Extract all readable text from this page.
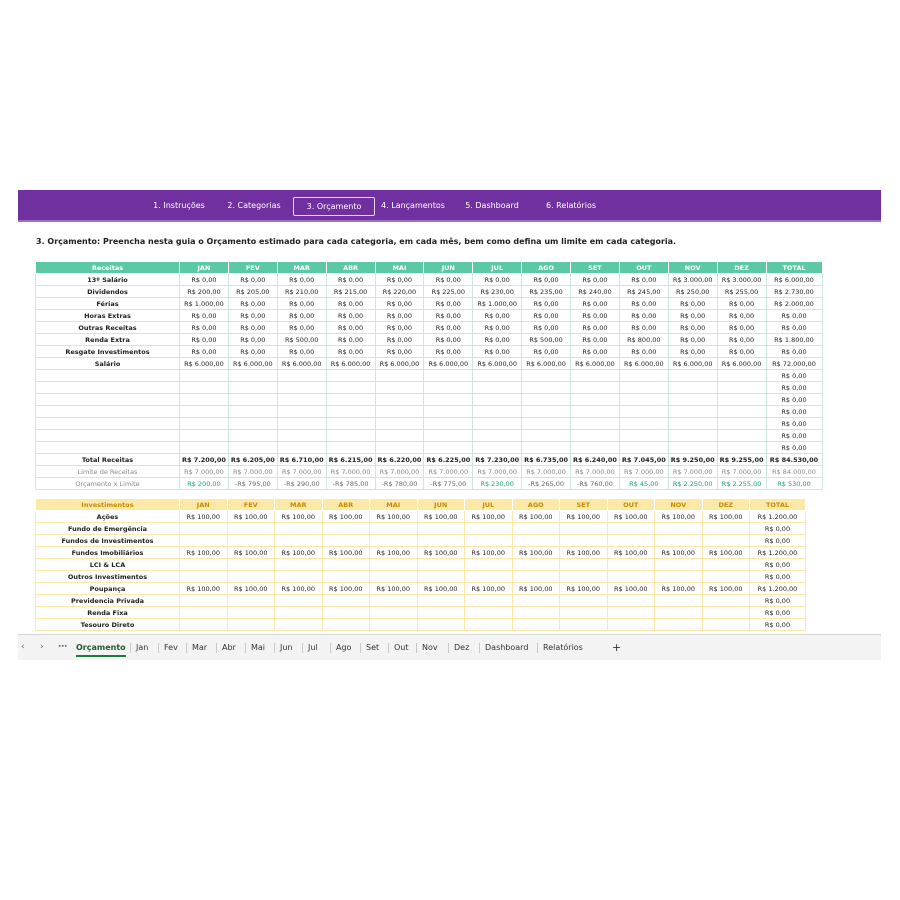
1. Instruções	2. Categorias	3. Orçamento	4. Lançamentos	5. Dashboard	6. Relatórios
3. Orçamento: Preencha nesta guia o Orçamento estimado para cada categoria, em cada mês, bem como defina um limite em cada categoria.
Receitas	JAN	FEV	MAR	ABR	MAI	JUN	JUL	AGO	SET	OUT	NOV	DEZ	TOTAL
13º Salário	R$ 0,00	R$ 0,00	R$ 0,00	R$ 0,00	R$ 0,00	R$ 0,00	R$ 0,00	R$ 0,00	R$ 0,00	R$ 0,00	R$ 3.000,00	R$ 3.000,00	R$ 6.000,00
Dividendos	R$ 200,00	R$ 205,00	R$ 210,00	R$ 215,00	R$ 220,00	R$ 225,00	R$ 230,00	R$ 235,00	R$ 240,00	R$ 245,00	R$ 250,00	R$ 255,00	R$ 2.730,00
Férias	R$ 1.000,00	R$ 0,00	R$ 0,00	R$ 0,00	R$ 0,00	R$ 0,00	R$ 1.000,00	R$ 0,00	R$ 0,00	R$ 0,00	R$ 0,00	R$ 0,00	R$ 2.000,00
Horas Extras	R$ 0,00	R$ 0,00	R$ 0,00	R$ 0,00	R$ 0,00	R$ 0,00	R$ 0,00	R$ 0,00	R$ 0,00	R$ 0,00	R$ 0,00	R$ 0,00	R$ 0,00
Outras Receitas	R$ 0,00	R$ 0,00	R$ 0,00	R$ 0,00	R$ 0,00	R$ 0,00	R$ 0,00	R$ 0,00	R$ 0,00	R$ 0,00	R$ 0,00	R$ 0,00	R$ 0,00
Renda Extra	R$ 0,00	R$ 0,00	R$ 500,00	R$ 0,00	R$ 0,00	R$ 0,00	R$ 0,00	R$ 500,00	R$ 0,00	R$ 800,00	R$ 0,00	R$ 0,00	R$ 1.800,00
Resgate Investimentos	R$ 0,00	R$ 0,00	R$ 0,00	R$ 0,00	R$ 0,00	R$ 0,00	R$ 0,00	R$ 0,00	R$ 0,00	R$ 0,00	R$ 0,00	R$ 0,00	R$ 0,00
Salário	R$ 6.000,00	R$ 6.000,00	R$ 6.000,00	R$ 6.000,00	R$ 6.000,00	R$ 6.000,00	R$ 6.000,00	R$ 6.000,00	R$ 6.000,00	R$ 6.000,00	R$ 6.000,00	R$ 6.000,00	R$ 72.000,00
													R$ 0,00
													R$ 0,00
													R$ 0,00
													R$ 0,00
													R$ 0,00
													R$ 0,00
													R$ 0,00
Total Receitas	R$ 7.200,00	R$ 6.205,00	R$ 6.710,00	R$ 6.215,00	R$ 6.220,00	R$ 6.225,00	R$ 7.230,00	R$ 6.735,00	R$ 6.240,00	R$ 7.045,00	R$ 9.250,00	R$ 9.255,00	R$ 84.530,00
Limite de Receitas	R$ 7.000,00	R$ 7.000,00	R$ 7.000,00	R$ 7.000,00	R$ 7.000,00	R$ 7.000,00	R$ 7.000,00	R$ 7.000,00	R$ 7.000,00	R$ 7.000,00	R$ 7.000,00	R$ 7.000,00	R$ 84.000,00
Orçamento x Limite	R$ 200,00	-R$ 795,00	-R$ 290,00	-R$ 785,00	-R$ 780,00	-R$ 775,00	R$ 230,00	-R$ 265,00	-R$ 760,00	R$ 45,00	R$ 2.250,00	R$ 2.255,00	R$ 530,00
Investimentos	JAN	FEV	MAR	ABR	MAI	JUN	JUL	AGO	SET	OUT	NOV	DEZ	TOTAL
Ações	R$ 100,00	R$ 100,00	R$ 100,00	R$ 100,00	R$ 100,00	R$ 100,00	R$ 100,00	R$ 100,00	R$ 100,00	R$ 100,00	R$ 100,00	R$ 100,00	R$ 1.200,00
Fundo de Emergência													R$ 0,00
Fundos de Investimentos													R$ 0,00
Fundos Imobiliários	R$ 100,00	R$ 100,00	R$ 100,00	R$ 100,00	R$ 100,00	R$ 100,00	R$ 100,00	R$ 100,00	R$ 100,00	R$ 100,00	R$ 100,00	R$ 100,00	R$ 1.200,00
LCI & LCA													R$ 0,00
Outros Investimentos													R$ 0,00
Poupança	R$ 100,00	R$ 100,00	R$ 100,00	R$ 100,00	R$ 100,00	R$ 100,00	R$ 100,00	R$ 100,00	R$ 100,00	R$ 100,00	R$ 100,00	R$ 100,00	R$ 1.200,00
Previdencia Privada													R$ 0,00
Renda Fixa													R$ 0,00
Tesouro Direto													R$ 0,00
‹ › ⋯ Orçamento Jan Fev Mar Abr Mai Jun Jul Ago Set Out Nov Dez Dashboard Relatórios	+
